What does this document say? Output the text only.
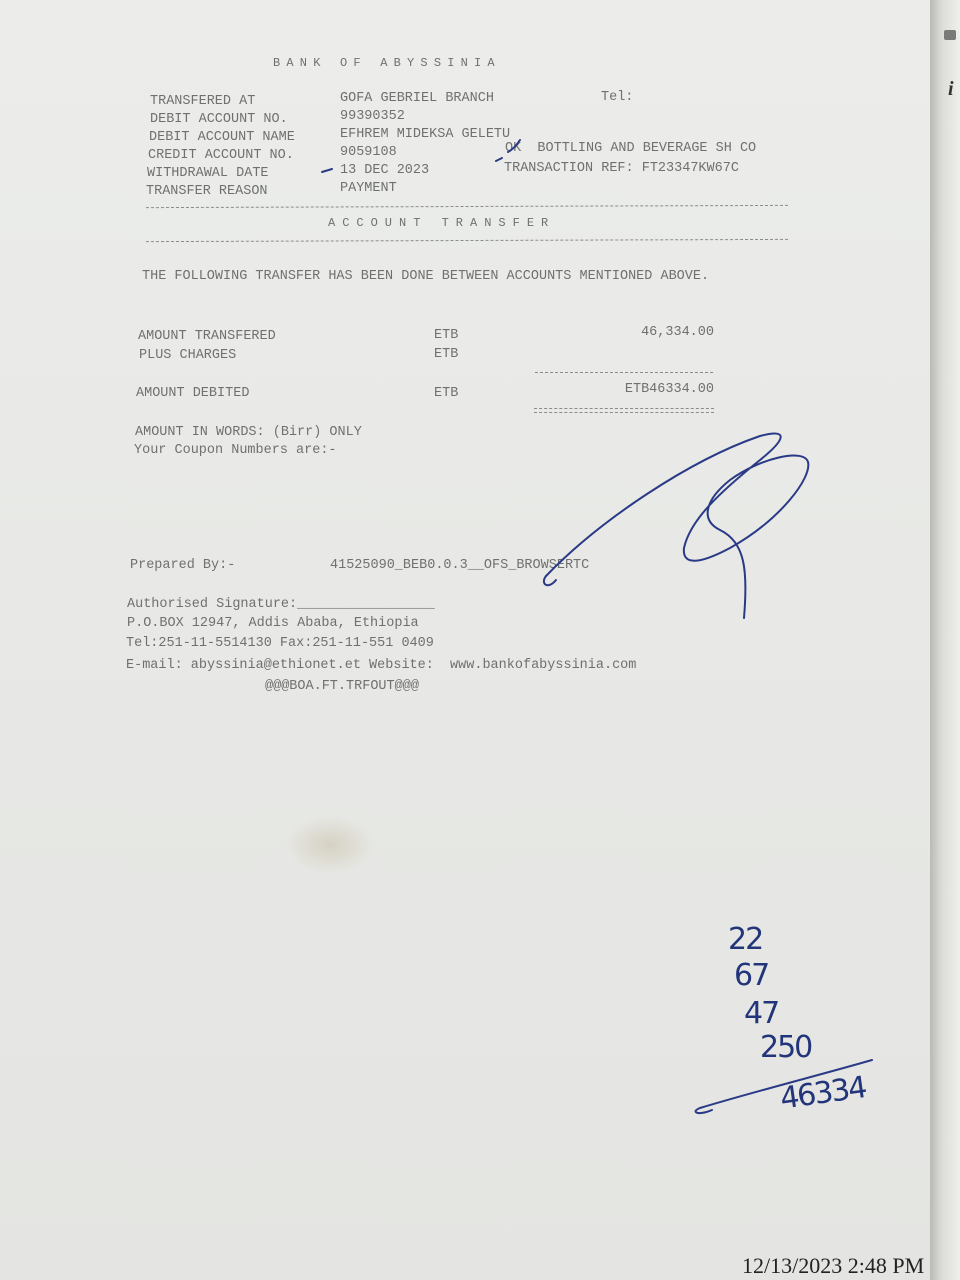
i
BANK OF ABYSSINIA
TRANSFERED AT	GOFA GEBRIEL BRANCH	Tel:
DEBIT ACCOUNT NO.	99390352
DEBIT ACCOUNT NAME	EFHREM MIDEKSA GELETU
CREDIT ACCOUNT NO.	9059108	OK  BOTTLING AND BEVERAGE SH CO
WITHDRAWAL DATE	13 DEC 2023	TRANSACTION REF: FT23347KW67C
TRANSFER REASON	PAYMENT
ACCOUNT TRANSFER
THE FOLLOWING TRANSFER HAS BEEN DONE BETWEEN ACCOUNTS MENTIONED ABOVE.
AMOUNT TRANSFERED	ETB	46,334.00
PLUS CHARGES	ETB
AMOUNT DEBITED	ETB	ETB46334.00
AMOUNT IN WORDS: (Birr) ONLY
Your Coupon Numbers are:-
Prepared By:-	41525090_BEB0.0.3__OFS_BROWSERTC
Authorised Signature:_________________
P.O.BOX 12947, Addis Ababa, Ethiopia
Tel:251-11-5514130 Fax:251-11-551 0409
E-mail: abyssinia@ethionet.et Website:  www.bankofabyssinia.com
@@@BOA.FT.TRFOUT@@@
22
67
47
250
46334
12/13/2023 2:48 PM
